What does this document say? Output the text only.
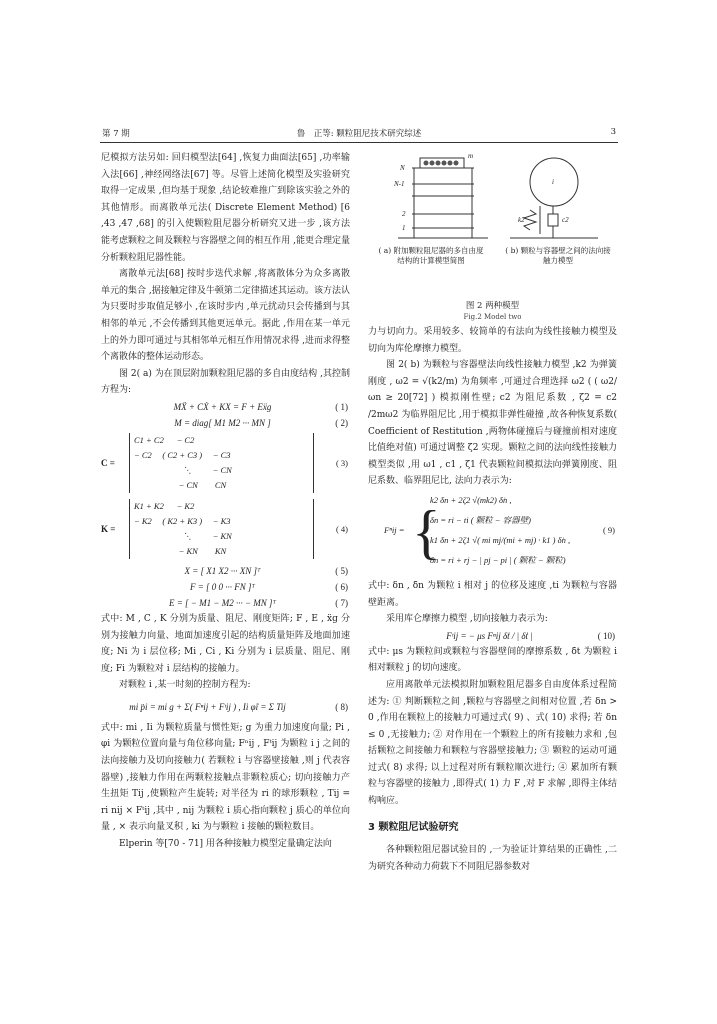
第 7 期	鲁　正等: 颗粒阻尼技术研究综述	3

尼模拟方法另如: 回归模型法[64] ,恢复力曲面法[65] ,功率输入法[66] ,神经网络法[67] 等。尽管上述简化模型及实验研究取得一定成果 ,但均基于现象 ,结论较难推广到除该实验之外的其他情形。而离散单元法( Discrete Element Method) [6 ,43 ,47 ,68] 的引入使颗粒阻尼器分析研究又进一步 ,该方法能考虑颗粒之间及颗粒与容器壁之间的相互作用 ,能更合理定量分析颗粒阻尼器性能。

离散单元法[68] 按时步迭代求解 ,将离散体分为众多离散单元的集合 ,据接触定律及牛顿第二定律描述其运动。该方法认为只要时步取值足够小 ,在该时步内 ,单元扰动只会传播到与其相邻的单元 ,不会传播到其他更远单元。据此 ,作用在某一单元上的外力即可通过与其相邻单元相互作用情况求得 ,进而求得整个离散体的整体运动形态。

图 2( a) 为在顶层附加颗粒阻尼器的多自由度结构 ,其控制方程为:

MẌ + CẊ + KX = F + Eẍg	( 1)
M = diag[ M1 M2 ··· MN ]	( 2)
C =
C1 + C2      − C2
− C2     ( C2 + C3 )     − C3
⋱          − CN
− CN        CN
( 3)
K =
K1 + K2      − K2
− K2     ( K2 + K3 )     − K3
⋱          − KN
− KN        KN
( 4)
X = [ X1 X2 ··· XN ]ᵀ	( 5)
F = [ 0 0 ··· FN ]ᵀ	( 6)
E = [ − M1 − M2 ··· − MN ]ᵀ	( 7)

式中: M , C , K 分别为质量、阻尼、刚度矩阵; F , E , ẍg 分别为接触力向量、地面加速度引起的结构质量矩阵及地面加速度; Ni 为 i 层位移; Mi , Ci , Ki 分别为 i 层质量、阻尼、刚度; Fi 为颗粒对 i 层结构的接触力。

对颗粒 i ,某一时刻的控制方程为:

mi p̈i = mi g + Σ( Fⁿij + Fᵗij ) , Ii φ̈i = Σ Tij	( 8)

式中: mi , Ii 为颗粒质量与惯性矩; g 为重力加速度向量; Pi , φi 为颗粒位置向量与角位移向量; Fⁿij , Fᵗij 为颗粒 i j 之间的法向接触力及切向接触力( 若颗粒 i 与容器壁接触 ,则 j 代表容器壁) ,接触力作用在两颗粒接触点非颗粒质心; 切向接触力产生扭矩 Tij ,使颗粒产生旋转; 对半径为 ri 的球形颗粒 , Tij = ri nij × Fᵗij ,其中 , nij 为颗粒 i 质心指向颗粒 j 质心的单位向量 , × 表示向量叉积 , ki 为与颗粒 i 接触的颗粒数目。

Elperin 等[70 - 71] 用各种接触力模型定量确定法向

N
N-1
2
1
m
i
k2	c2
( a) 附加颗粒阻尼器的多自由度结构的计算模型简图
( b) 颗粒与容器壁之间的法向接触力模型
图 2 两种模型
Fig.2 Model two

力与切向力。采用较多、较简单的有法向为线性接触力模型及切向为库伦摩擦力模型。

图 2( b) 为颗粒与容器壁法向线性接触力模型 ,k2 为弹簧刚度 , ω2 = √(k2/m) 为角频率 ,可通过合理选择 ω2 ( ( ω2/ωn ≥ 20[72] ) 模拟刚性壁; c2 为阻尼系数 , ζ2 = c2 /2mω2 为临界阻尼比 ,用于模拟非弹性碰撞 ,故各种恢复系数( Coefficient of Restitution ,两物体碰撞后与碰撞前相对速度比值绝对值) 可通过调整 ζ2 实现。颗粒之间的法向线性接触力模型类似 ,用 ω1 , c1 , ζ1 代表颗粒间模拟法向弹簧刚度、阻尼系数、临界阻尼比, 法向力表示为:

Fⁿij = {
k2 δn + 2ζ2 √(mk2) δ̇n ,
δn = ri − ti ( 颗粒 − 容器壁)
k1 δn + 2ζ1 √( mi mj/(mi + mj) · k1 ) δ̇n ,
δn = ri + rj − | pj − pi | ( 颗粒 − 颗粒)
( 9)

式中: δn , δ̇n 为颗粒 i 相对 j 的位移及速度 ,ti 为颗粒与容器壁距离。

采用库仑摩擦力模型 ,切向接触力表示为:

Fᵗij = − μs Fⁿij δ̇t / | δ̇t |	( 10)

式中: μs 为颗粒间或颗粒与容器壁间的摩擦系数 , δ̇t 为颗粒 i 相对颗粒 j 的切向速度。

应用离散单元法模拟附加颗粒阻尼器多自由度体系过程简述为: ① 判断颗粒之间 ,颗粒与容器壁之间相对位置 ,若 δn > 0 ,作用在颗粒上的接触力可通过式( 9) 、式( 10) 求得; 若 δn ≤ 0 ,无接触力; ② 对作用在一个颗粒上的所有接触力求和 ,包括颗粒之间接触力和颗粒与容器壁接触力; ③ 颗粒的运动可通过式( 8) 求得; 以上过程对所有颗粒顺次进行; ④ 累加所有颗粒与容器壁的接触力 ,即得式( 1) 力 F ,对 F 求解 ,即得主体结构响应。

3 颗粒阻尼试验研究

各种颗粒阻尼器试验目的 ,一为验证计算结果的正确性 ,二为研究各种动力荷载下不同阻尼器参数对
